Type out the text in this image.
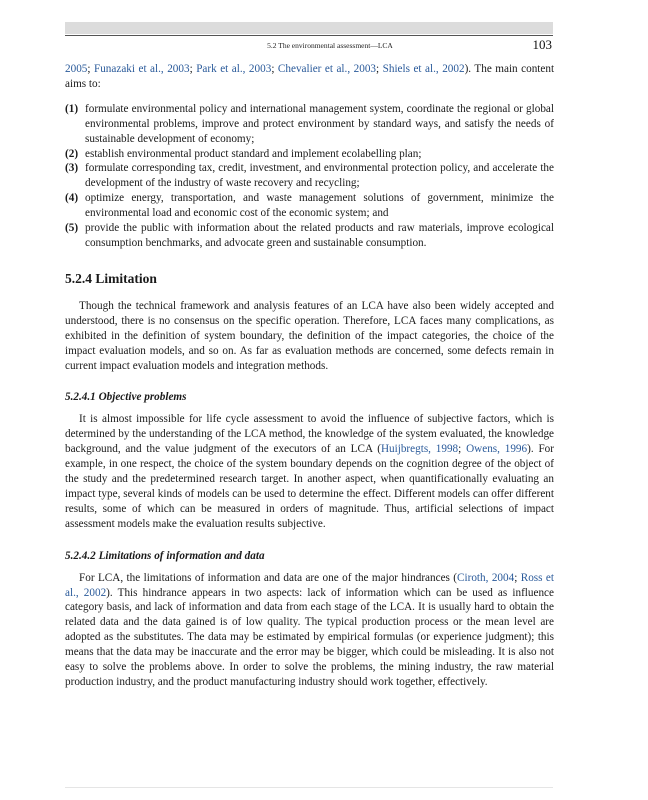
5.2 The environmental assessment—LCA	103

2005; Funazaki et al., 2003; Park et al., 2003; Chevalier et al., 2003; Shiels et al., 2002). The main content aims to:

(1) formulate environmental policy and international management system, coordinate the regional or global environmental problems, improve and protect environment by standard ways, and satisfy the needs of sustainable development of economy;
(2) establish environmental product standard and implement ecolabelling plan;
(3) formulate corresponding tax, credit, investment, and environmental protection policy, and accelerate the development of the industry of waste recovery and recycling;
(4) optimize energy, transportation, and waste management solutions of government, minimize the environmental load and economic cost of the economic system; and
(5) provide the public with information about the related products and raw materials, improve ecological consumption benchmarks, and advocate green and sustainable consumption.
5.2.4 Limitation

Though the technical framework and analysis features of an LCA have also been widely accepted and understood, there is no consensus on the specific operation. Therefore, LCA faces many complications, as exhibited in the definition of system boundary, the definition of the impact categories, the choice of the impact evaluation models, and so on. As far as evaluation methods are concerned, some defects remain in current impact evaluation models and integration methods.

5.2.4.1 Objective problems

It is almost impossible for life cycle assessment to avoid the influence of subjective factors, which is determined by the understanding of the LCA method, the knowledge of the system evaluated, the knowledge background, and the value judgment of the executors of an LCA (Huijbregts, 1998; Owens, 1996). For example, in one respect, the choice of the system boundary depends on the cognition degree of the object of the study and the predetermined research target. In another aspect, when quantificationally evaluating an impact type, several kinds of models can be used to determine the effect. Different models can offer different results, some of which can be measured in orders of magnitude. Thus, artificial selections of impact assessment models make the evaluation results subjective.

5.2.4.2 Limitations of information and data

For LCA, the limitations of information and data are one of the major hindrances (Ciroth, 2004; Ross et al., 2002). This hindrance appears in two aspects: lack of information which can be used as influence category basis, and lack of information and data from each stage of the LCA. It is usually hard to obtain the related data and the data gained is of low quality. The typical production process or the mean level are adopted as the substitutes. The data may be estimated by empirical formulas (or experience judgment); this means that the data may be inaccurate and the error may be bigger, which could be misleading. It is also not easy to solve the problems above. In order to solve the problems, the mining industry, the raw material production industry, and the product manufacturing industry should work together, effectively.
